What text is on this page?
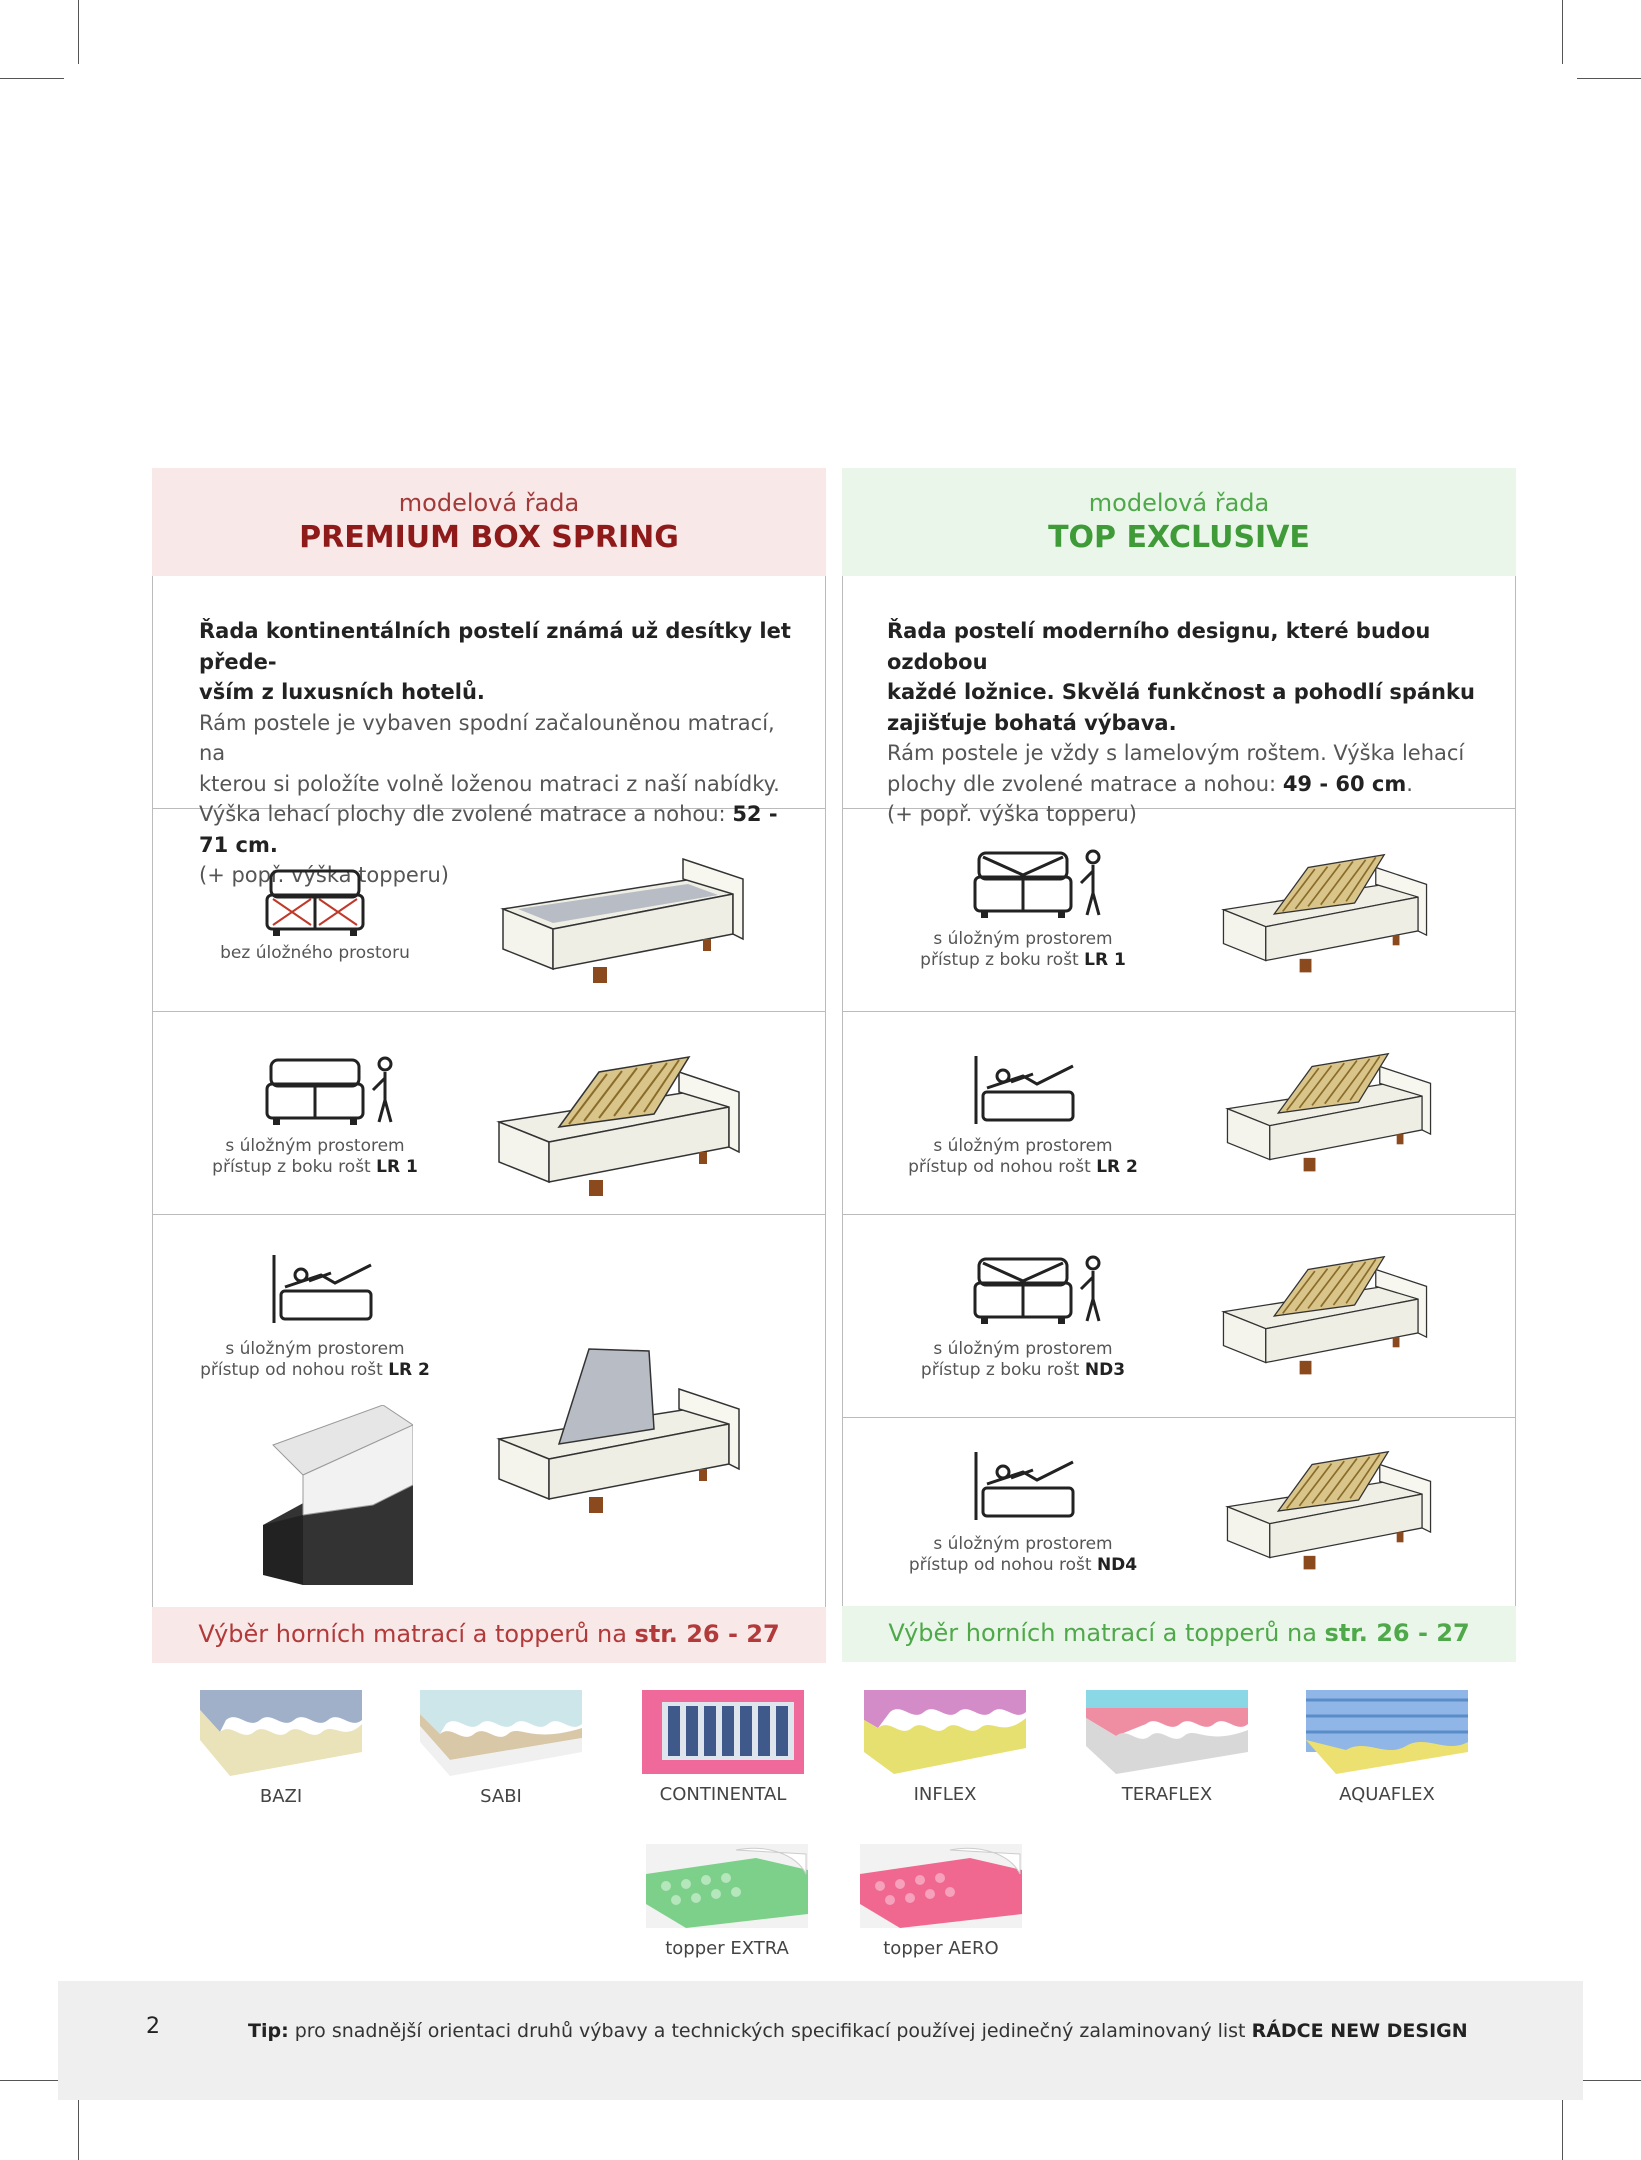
modelová řada
PREMIUM BOX SPRING
Řada kontinentálních postelí známá už desítky let přede-
vším z luxusních hotelů.
Rám postele je vybaven spodní začalouněnou matrací, na
kterou si položíte volně loženou matraci z naší nabídky.
Výška lehací plochy dle zvolené matrace a nohou: 52 - 71 cm.
(+ popř. výška topperu)
bez úložného prostoru
s úložným prostorem
přístup z boku rošt LR 1
s úložným prostorem
přístup od nohou rošt LR 2
Výběr horních matrací a topperů na str. 26 - 27
modelová řada
TOP EXCLUSIVE
Řada postelí moderního designu, které budou ozdobou
každé ložnice. Skvělá funkčnost a pohodlí spánku
zajišťuje bohatá výbava.
Rám postele je vždy s lamelovým roštem. Výška lehací
plochy dle zvolené matrace a nohou: 49 - 60 cm.
(+ popř. výška topperu)
s úložným prostorem
přístup z boku rošt LR 1
s úložným prostorem
přístup od nohou rošt LR 2
s úložným prostorem
přístup z boku rošt ND3
s úložným prostorem
přístup od nohou rošt ND4
Výběr horních matrací a topperů na str. 26 - 27
BAZI	SABI	CONTINENTAL	INFLEX	TERAFLEX	AQUAFLEX
topper EXTRA	topper AERO
2	Tip: pro snadnější orientaci druhů výbavy a technických specifikací používej jedinečný zalaminovaný list RÁDCE NEW DESIGN
